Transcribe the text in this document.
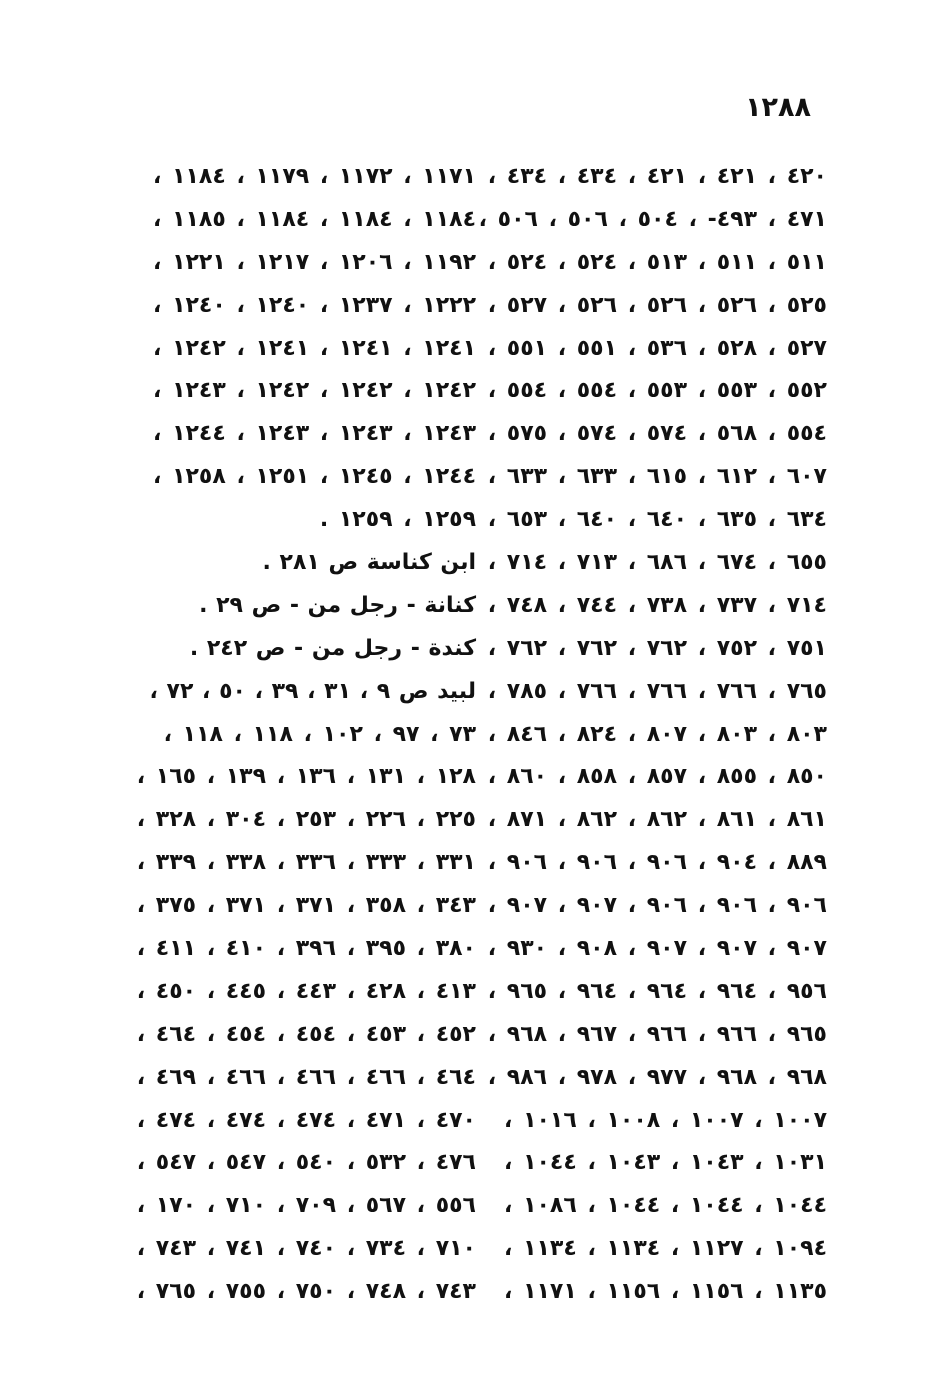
١٢٨٨
٤٢٠ ، ٤٢١ ، ٤٢١ ، ٤٣٤ ، ٤٣٤ ،
٤٧١ ، ٤٩٣- ، ٥٠٤ ، ٥٠٦ ، ٥٠٦ ،
٥١١ ، ٥١١ ، ٥١٣ ، ٥٢٤ ، ٥٢٤ ،
٥٢٥ ، ٥٢٦ ، ٥٢٦ ، ٥٢٦ ، ٥٢٧ ،
٥٢٧ ، ٥٢٨ ، ٥٣٦ ، ٥٥١ ، ٥٥١ ،
٥٥٢ ، ٥٥٣ ، ٥٥٣ ، ٥٥٤ ، ٥٥٤ ،
٥٥٤ ، ٥٦٨ ، ٥٧٤ ، ٥٧٤ ، ٥٧٥ ،
٦٠٧ ، ٦١٢ ، ٦١٥ ، ٦٣٣ ، ٦٣٣ ،
٦٣٤ ، ٦٣٥ ، ٦٤٠ ، ٦٤٠ ، ٦٥٣ ،
٦٥٥ ، ٦٧٤ ، ٦٨٦ ، ٧١٣ ، ٧١٤ ،
٧١٤ ، ٧٣٧ ، ٧٣٨ ، ٧٤٤ ، ٧٤٨ ،
٧٥١ ، ٧٥٢ ، ٧٦٢ ، ٧٦٢ ، ٧٦٢ ،
٧٦٥ ، ٧٦٦ ، ٧٦٦ ، ٧٦٦ ، ٧٨٥ ،
٨٠٣ ، ٨٠٣ ، ٨٠٧ ، ٨٢٤ ، ٨٤٦ ،
٨٥٠ ، ٨٥٥ ، ٨٥٧ ، ٨٥٨ ، ٨٦٠ ،
٨٦١ ، ٨٦١ ، ٨٦٢ ، ٨٦٢ ، ٨٧١ ،
٨٨٩ ، ٩٠٤ ، ٩٠٦ ، ٩٠٦ ، ٩٠٦ ،
٩٠٦ ، ٩٠٦ ، ٩٠٦ ، ٩٠٧ ، ٩٠٧ ،
٩٠٧ ، ٩٠٧ ، ٩٠٧ ، ٩٠٨ ، ٩٣٠ ،
٩٥٦ ، ٩٦٤ ، ٩٦٤ ، ٩٦٤ ، ٩٦٥ ،
٩٦٥ ، ٩٦٦ ، ٩٦٦ ، ٩٦٧ ، ٩٦٨ ،
٩٦٨ ، ٩٦٨ ، ٩٧٧ ، ٩٧٨ ، ٩٨٦ ،
١٠٠٧ ، ١٠٠٧ ، ١٠٠٨ ، ١٠١٦ ،
١٠٣١ ، ١٠٤٣ ، ١٠٤٣ ، ١٠٤٤ ،
١٠٤٤ ، ١٠٤٤ ، ١٠٤٤ ، ١٠٨٦ ،
١٠٩٤ ، ١١٢٧ ، ١١٣٤ ، ١١٣٤ ،
١١٣٥ ، ١١٥٦ ، ١١٥٦ ، ١١٧١ ،
١١٧١ ، ١١٧٢ ، ١١٧٩ ، ١١٨٤ ،
١١٨٤ ، ١١٨٤ ، ١١٨٤ ، ١١٨٥ ،
١١٩٢ ، ١٢٠٦ ، ١٢١٧ ، ١٢٢١ ،
١٢٢٢ ، ١٢٣٧ ، ١٢٤٠ ، ١٢٤٠ ،
١٢٤١ ، ١٢٤١ ، ١٢٤١ ، ١٢٤٢ ،
١٢٤٢ ، ١٢٤٢ ، ١٢٤٢ ، ١٢٤٣ ،
١٢٤٣ ، ١٢٤٣ ، ١٢٤٣ ، ١٢٤٤ ،
١٢٤٤ ، ١٢٤٥ ، ١٢٥١ ، ١٢٥٨ ،
١٢٥٩ ، ١٢٥٩ .
ابن كناسة ص ٢٨١ .
كنانة - رجل من - ص ٢٩ .
كندة - رجل من - ص ٢٤٢ .
لبيد ص ٩ ، ٣١ ، ٣٩ ، ٥٠ ، ٧٢ ،
٧٣ ، ٩٧ ، ١٠٢ ، ١١٨ ، ١١٨ ،
١٢٨ ، ١٣١ ، ١٣٦ ، ١٣٩ ، ١٦٥ ،
٢٢٥ ، ٢٢٦ ، ٢٥٣ ، ٣٠٤ ، ٣٢٨ ،
٣٣١ ، ٣٣٣ ، ٣٣٦ ، ٣٣٨ ، ٣٣٩ ،
٣٤٣ ، ٣٥٨ ، ٣٧١ ، ٣٧١ ، ٣٧٥ ،
٣٨٠ ، ٣٩٥ ، ٣٩٦ ، ٤١٠ ، ٤١١ ،
٤١٣ ، ٤٢٨ ، ٤٤٣ ، ٤٤٥ ، ٤٥٠ ،
٤٥٢ ، ٤٥٣ ، ٤٥٤ ، ٤٥٤ ، ٤٦٤ ،
٤٦٤ ، ٤٦٦ ، ٤٦٦ ، ٤٦٦ ، ٤٦٩ ،
٤٧٠ ، ٤٧١ ، ٤٧٤ ، ٤٧٤ ، ٤٧٤ ،
٤٧٦ ، ٥٣٢ ، ٥٤٠ ، ٥٤٧ ، ٥٤٧ ،
٥٥٦ ، ٥٦٧ ، ٧٠٩ ، ٧١٠ ، ١٧٠ ،
٧١٠ ، ٧٣٤ ، ٧٤٠ ، ٧٤١ ، ٧٤٣ ،
٧٤٣ ، ٧٤٨ ، ٧٥٠ ، ٧٥٥ ، ٧٦٥ ،
